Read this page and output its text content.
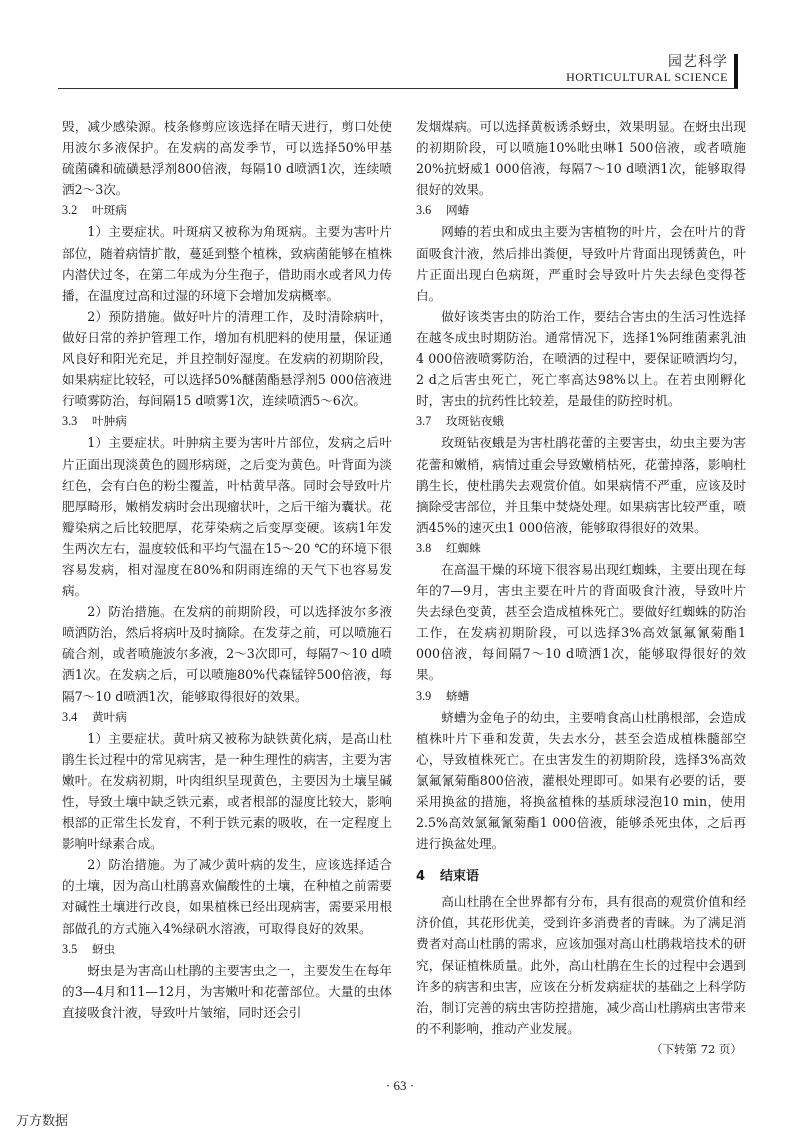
园艺科学
HORTICULTURAL SCIENCE

毁，减少感染源。枝条修剪应该选择在晴天进行，剪口处使用波尔多液保护。在发病的高发季节，可以选择50%甲基硫菌磷和硫磺悬浮剂800倍液，每隔10 d喷洒1次，连续喷洒2～3次。

3.2 叶斑病

1）主要症状。叶斑病又被称为角斑病。主要为害叶片部位，随着病情扩散，蔓延到整个植株，致病菌能够在植株内潜伏过冬，在第二年成为分生孢子，借助雨水或者风力传播，在温度过高和过湿的环境下会增加发病概率。

2）预防措施。做好叶片的清理工作，及时清除病叶，做好日常的养护管理工作，增加有机肥料的使用量，保证通风良好和阳光充足，并且控制好湿度。在发病的初期阶段，如果病症比较轻，可以选择50%醚菌酯悬浮剂5 000倍液进行喷雾防治，每间隔15 d喷雾1次，连续喷洒5～6次。

3.3 叶肿病

1）主要症状。叶肿病主要为害叶片部位，发病之后叶片正面出现淡黄色的圆形病斑，之后变为黄色。叶背面为淡红色，会有白色的粉尘覆盖，叶枯黄早落。同时会导致叶片肥厚畸形，嫩梢发病时会出现瘤状叶，之后干缩为囊状。花瓣染病之后比较肥厚，花芽染病之后变厚变硬。该病1年发生两次左右，温度较低和平均气温在15～20 ℃的环境下很容易发病，相对湿度在80%和阴雨连绵的天气下也容易发病。

2）防治措施。在发病的前期阶段，可以选择波尔多液喷洒防治，然后将病叶及时摘除。在发芽之前，可以喷施石硫合剂，或者喷施波尔多液，2～3次即可，每隔7～10 d喷洒1次。在发病之后，可以喷施80%代森锰锌500倍液，每隔7～10 d喷洒1次，能够取得很好的效果。

3.4 黄叶病

1）主要症状。黄叶病又被称为缺铁黄化病，是高山杜鹃生长过程中的常见病害，是一种生理性的病害，主要为害嫩叶。在发病初期，叶肉组织呈现黄色，主要因为土壤呈碱性，导致土壤中缺乏铁元素，或者根部的湿度比较大，影响根部的正常生长发育，不利于铁元素的吸收，在一定程度上影响叶绿素合成。

2）防治措施。为了减少黄叶病的发生，应该选择适合的土壤，因为高山杜鹃喜欢偏酸性的土壤，在种植之前需要对碱性土壤进行改良，如果植株已经出现病害，需要采用根部做孔的方式施入4%绿矾水溶液，可取得良好的效果。

3.5 蚜虫

蚜虫是为害高山杜鹃的主要害虫之一，主要发生在每年的3—4月和11—12月，为害嫩叶和花蕾部位。大量的虫体直接吸食汁液，导致叶片皱缩，同时还会引

发烟煤病。可以选择黄板诱杀蚜虫，效果明显。在蚜虫出现的初期阶段，可以喷施10%吡虫啉1 500倍液，或者喷施20%抗蚜威1 000倍液，每隔7～10 d喷洒1次，能够取得很好的效果。

3.6 网蝽

网蝽的若虫和成虫主要为害植物的叶片，会在叶片的背面吸食汁液，然后排出粪便，导致叶片背面出现锈黄色，叶片正面出现白色病斑，严重时会导致叶片失去绿色变得苍白。

做好该类害虫的防治工作，要结合害虫的生活习性选择在越冬成虫时期防治。通常情况下，选择1%阿维菌素乳油4 000倍液喷雾防治，在喷洒的过程中，要保证喷洒均匀，2 d之后害虫死亡，死亡率高达98%以上。在若虫刚孵化时，害虫的抗药性比较差，是最佳的防控时机。

3.7 玫斑钻夜蛾

玫斑钻夜蛾是为害杜鹃花蕾的主要害虫，幼虫主要为害花蕾和嫩梢，病情过重会导致嫩梢枯死，花蕾掉落，影响杜鹃生长，使杜鹃失去观赏价值。如果病情不严重，应该及时摘除受害部位，并且集中焚烧处理。如果病害比较严重，喷洒45%的速灭虫1 000倍液，能够取得很好的效果。

3.8 红蜘蛛

在高温干燥的环境下很容易出现红蜘蛛，主要出现在每年的7—9月，害虫主要在叶片的背面吸食汁液，导致叶片失去绿色变黄，甚至会造成植株死亡。要做好红蜘蛛的防治工作，在发病初期阶段，可以选择3%高效氯氟氰菊酯1 000倍液，每间隔7～10 d喷洒1次，能够取得很好的效果。

3.9 蛴螬

蛴螬为金龟子的幼虫，主要啃食高山杜鹃根部，会造成植株叶片下垂和发黄，失去水分，甚至会造成植株髓部空心，导致植株死亡。在虫害发生的初期阶段，选择3%高效氯氟氰菊酯800倍液，灌根处理即可。如果有必要的话，要采用换盆的措施，将换盆植株的基质球浸泡10 min，使用2.5%高效氯氟氰菊酯1 000倍液，能够杀死虫体，之后再进行换盆处理。

4 结束语

高山杜鹃在全世界都有分布，具有很高的观赏价值和经济价值，其花形优美，受到许多消费者的青睐。为了满足消费者对高山杜鹃的需求，应该加强对高山杜鹃栽培技术的研究，保证植株质量。此外，高山杜鹃在生长的过程中会遇到许多的病害和虫害，应该在分析发病症状的基础之上科学防治，制订完善的病虫害防控措施，减少高山杜鹃病虫害带来的不利影响，推动产业发展。

（下转第 72 页）
· 63 ·
万方数据
